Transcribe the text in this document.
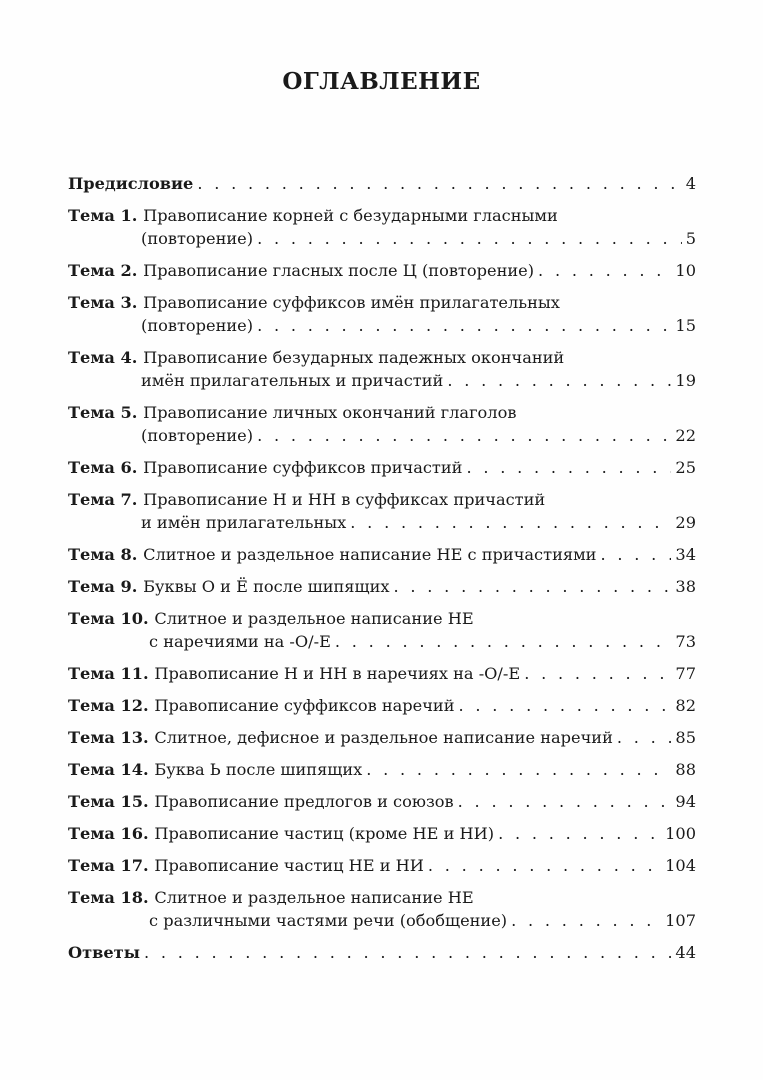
ОГЛАВЛЕНИЕ
Предисловие . . .	4
Тема 1. Правописание корней с безударными гласными
(повторение) . . .	5
Тема 2. Правописание гласных после Ц (повторение) . . .	10
Тема 3. Правописание суффиксов имён прилагательных
(повторение) . . .	15
Тема 4. Правописание безударных падежных окончаний
имён прилагательных и причастий . . .	19
Тема 5. Правописание личных окончаний глаголов
(повторение) . . .	22
Тема 6. Правописание суффиксов причастий . . .	25
Тема 7. Правописание Н и НН в суффиксах причастий
и имён прилагательных . . .	29
Тема 8. Слитное и раздельное написание НЕ с причастиями . . .	34
Тема 9. Буквы О и Ё после шипящих . . .	38
Тема 10. Слитное и раздельное написание НЕ
с наречиями на -О/-Е . . .	73
Тема 11. Правописание Н и НН в наречиях на -О/-Е . . .	77
Тема 12. Правописание суффиксов наречий . . .	82
Тема 13. Слитное, дефисное и раздельное написание наречий . . .	85
Тема 14. Буква Ь после шипящих . . .	88
Тема 15. Правописание предлогов и союзов . . .	94
Тема 16. Правописание частиц (кроме НЕ и НИ) . . .	100
Тема 17. Правописание частиц НЕ и НИ . . .	104
Тема 18. Слитное и раздельное написание НЕ
с различными частями речи (обобщение) . . .	107
Ответы . . .	44
